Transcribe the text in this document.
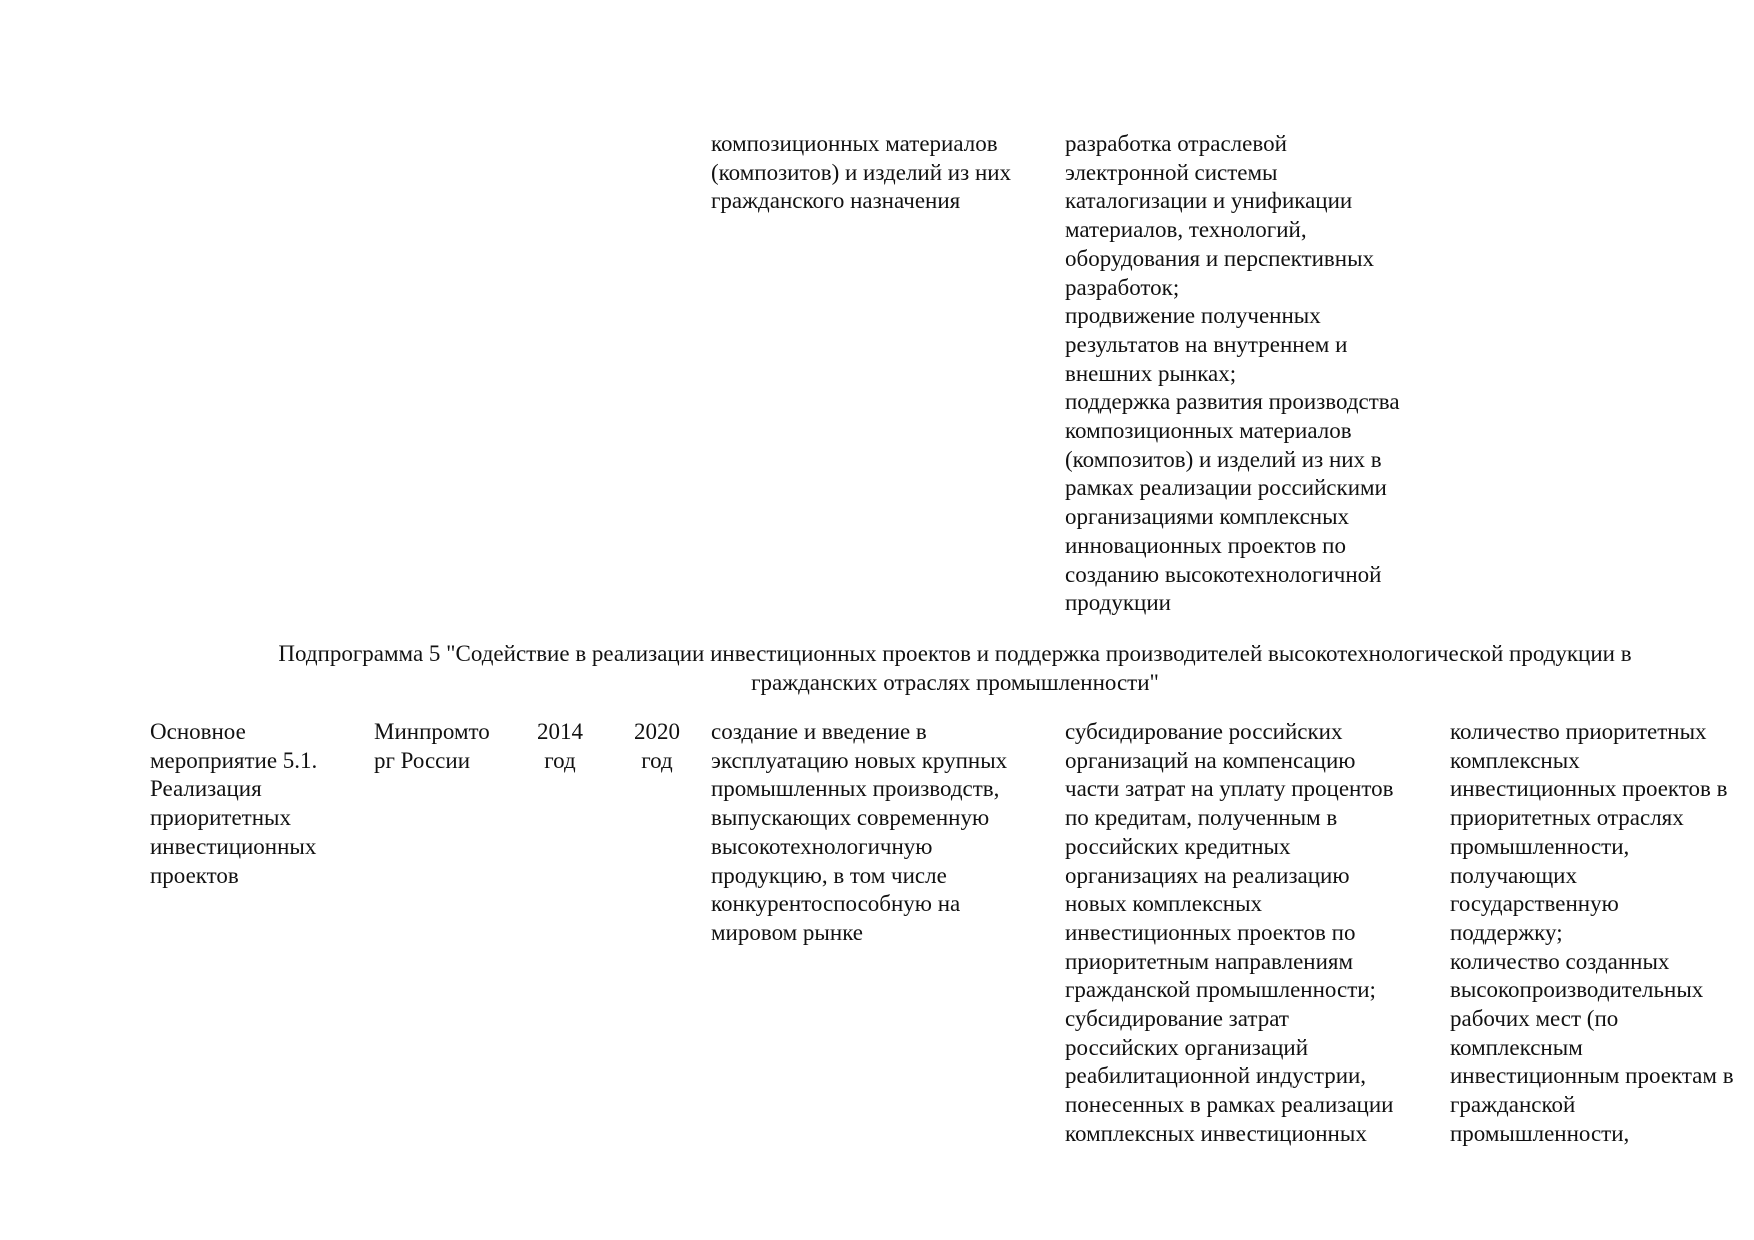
композиционных материалов
(композитов) и изделий из них
гражданского назначения
разработка отраслевой
электронной системы
каталогизации и унификации
материалов, технологий,
оборудования и перспективных
разработок;
продвижение полученных
результатов на внутреннем и
внешних рынках;
поддержка развития производства
композиционных материалов
(композитов) и изделий из них в
рамках реализации российскими
организациями комплексных
инновационных проектов по
созданию высокотехнологичной
продукции
Подпрограмма 5 "Содействие в реализации инвестиционных проектов и поддержка производителей высокотехнологической продукции в
гражданских отраслях промышленности"
Основное
мероприятие 5.1.
Реализация
приоритетных
инвестиционных
проектов
Минпромто
рг России
2014
год
2020
год
создание и введение в
эксплуатацию новых крупных
промышленных производств,
выпускающих современную
высокотехнологичную
продукцию, в том числе
конкурентоспособную на
мировом рынке
субсидирование российских
организаций на компенсацию
части затрат на уплату процентов
по кредитам, полученным в
российских кредитных
организациях на реализацию
новых комплексных
инвестиционных проектов по
приоритетным направлениям
гражданской промышленности;
субсидирование затрат
российских организаций
реабилитационной индустрии,
понесенных в рамках реализации
комплексных инвестиционных
количество приоритетных
комплексных
инвестиционных проектов в
приоритетных отраслях
промышленности,
получающих
государственную
поддержку;
количество созданных
высокопроизводительных
рабочих мест (по
комплексным
инвестиционным проектам в
гражданской
промышленности,
